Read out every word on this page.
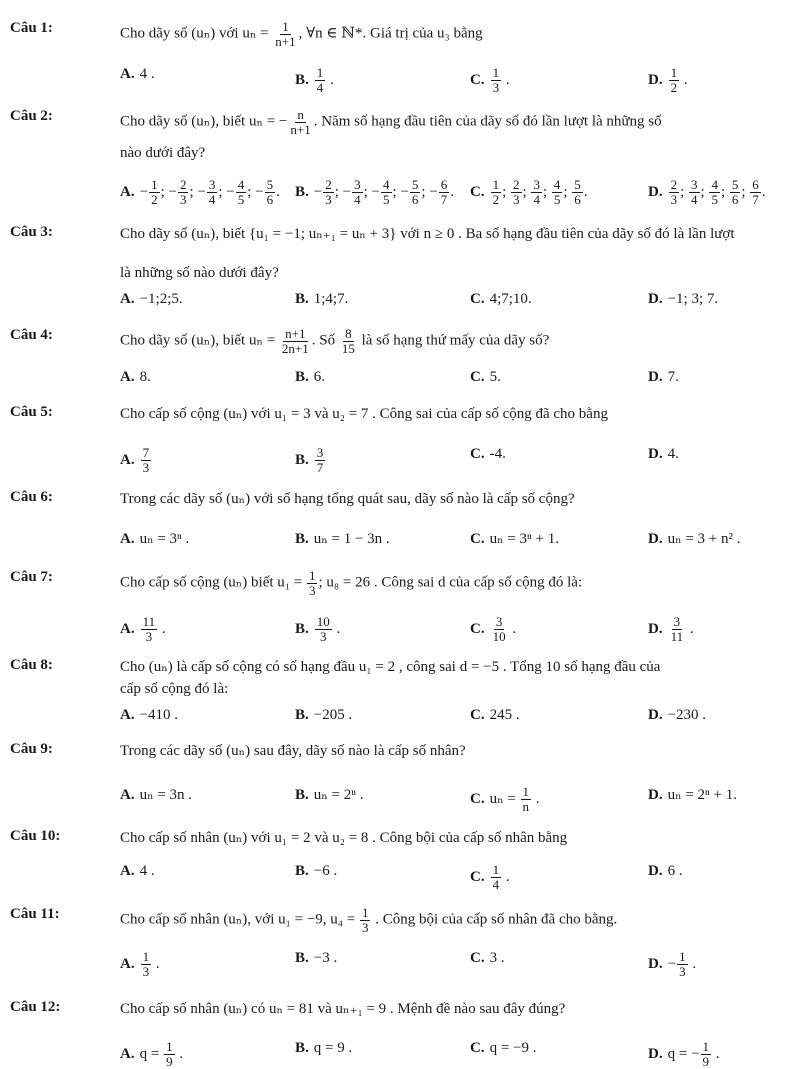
Câu 1:	Cho dãy số (uₙ) với $u_n = \frac{1}{n+1}$ , ∀n ∈ ℕ*. Giá trị của u₃ bằng
A. 4 .	B. $\frac{1}{4}$ .	C. $\frac{1}{3}$ .	D. $\frac{1}{2}$ .
Câu 2:	Cho dãy số (uₙ), biết uₙ = − $\frac{n}{n+1}$ . Năm số hạng đầu tiên của dãy số đó lần lượt là những số
nào dưới đây?
A. − $\frac{1}{2}$ ; − $\frac{2}{3}$ ; − $\frac{3}{4}$ ; − $\frac{4}{5}$ ; − $\frac{5}{6}$ . B. − $\frac{2}{3}$ ; − $\frac{3}{4}$ ; − $\frac{4}{5}$ ; − $\frac{5}{6}$ ; − $\frac{6}{7}$ . C. $\frac{1}{2}$ ; $\frac{2}{3}$ ; $\frac{3}{4}$ ; $\frac{4}{5}$ ; $\frac{5}{6}$ .	D. $\frac{2}{3}$ ; $\frac{3}{4}$ ; $\frac{4}{5}$ ; $\frac{5}{6}$ ; $\frac{6}{7}$ .
Câu 3:	Cho dãy số (uₙ), biết {u₁ = −1; uₙ₊₁ = uₙ + 3} với n ≥ 0 . Ba số hạng đầu tiên của dãy số đó là lần lượt
là những số nào dưới đây?
A. −1;2;5.	B. 1;4;7.	C. 4;7;10.	D. −1; 3; 7.
Câu 4:	Cho dãy số (uₙ), biết $u_n = \frac{n+1}{2n+1}$ . Số $\frac{8}{15}$ là số hạng thứ mấy của dãy số?
A. 8.	B. 6.	C. 5.	D. 7.
Câu 5:	Cho cấp số cộng (uₙ) với u₁ = 3 và u₂ = 7 . Công sai của cấp số cộng đã cho bằng
A. $\frac{7}{3}$	B. $\frac{3}{7}$	C. -4.	D. 4.
Câu 6:	Trong các dãy số (uₙ) với số hạng tổng quát sau, dãy số nào là cấp số cộng?
A. uₙ = 3ⁿ .	B. uₙ = 1 − 3n .	C. uₙ = 3ⁿ + 1.	D. uₙ = 3 + n² .
Câu 7:	Cho cấp số cộng (uₙ) biết $u_1 = \frac{1}{3}$ ; u₈ = 26 . Công sai d của cấp số cộng đó là:
A. $\frac{11}{3}$ .	B. $\frac{10}{3}$ .	C. $\frac{3}{10}$ .	D. $\frac{3}{11}$ .
Câu 8:	Cho (uₙ) là cấp số cộng có số hạng đầu u₁ = 2 , công sai d = −5 . Tổng 10 số hạng đầu của
cấp số cộng đó là:
A. −410 .	B. −205 .	C. 245 .	D. −230 .
Câu 9:	Trong các dãy số (uₙ) sau đây, dãy số nào là cấp số nhân?
A. uₙ = 3n .	B. uₙ = 2ⁿ .	C. $u_n = \frac{1}{n}$ .	D. uₙ = 2ⁿ + 1.
Câu 10:	Cho cấp số nhân (uₙ) với u₁ = 2 và u₂ = 8 . Công bội của cấp số nhân bằng
A. 4 .	B. −6 .	C. $\frac{1}{4}$ .	D. 6 .
Câu 11:	Cho cấp số nhân (uₙ), với u₁ = −9, $u_4 = \frac{1}{3}$ . Công bội của cấp số nhân đã cho bằng.
A. $\frac{1}{3}$ .	B. −3 .	C. 3 .	D. − $\frac{1}{3}$ .
Câu 12:	Cho cấp số nhân (uₙ) có uₙ = 81 và uₙ₊₁ = 9 . Mệnh đề nào sau đây đúng?
A. $q = \frac{1}{9}$ .	B. q = 9 .	C. q = −9 .	D. q = − $\frac{1}{9}$ .
